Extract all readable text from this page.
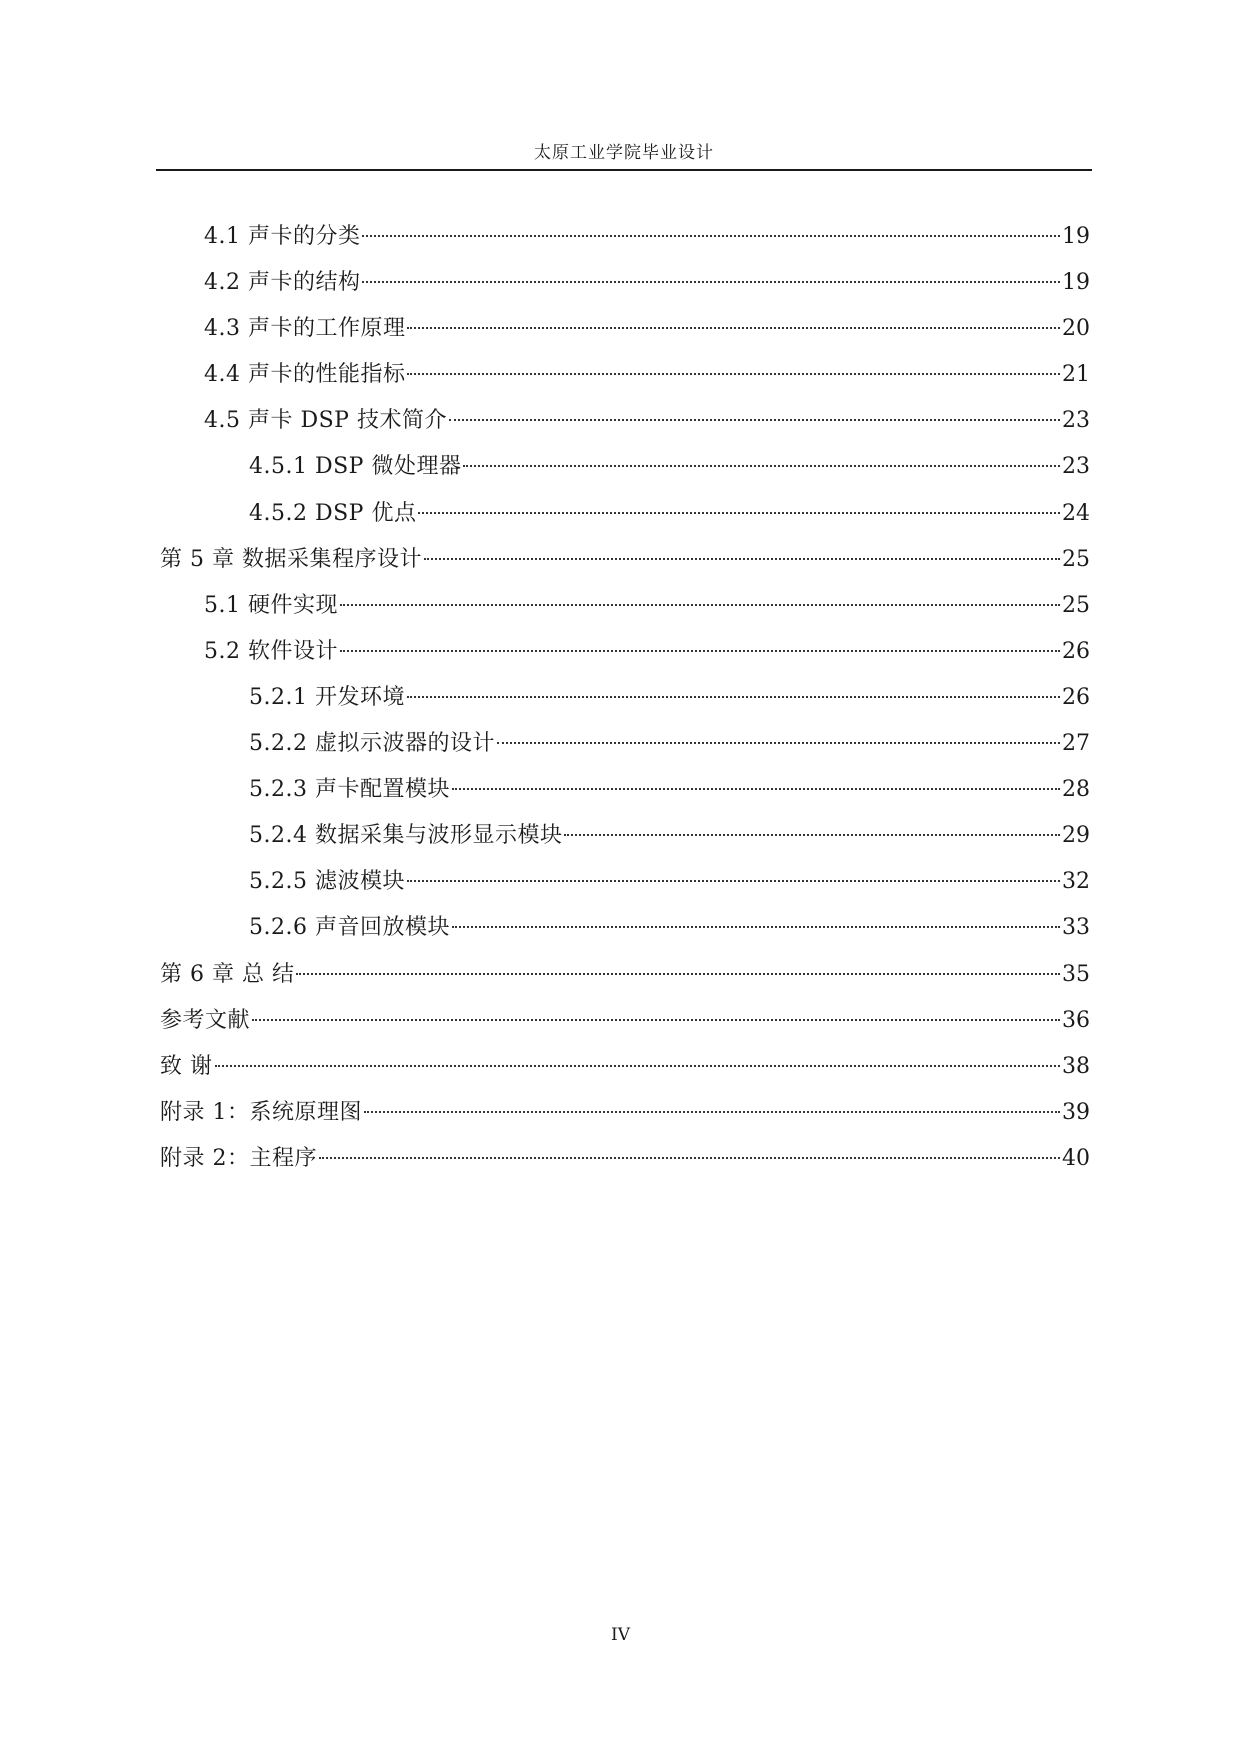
太原工业学院毕业设计
4.1 声卡的分类	19
4.2 声卡的结构	19
4.3 声卡的工作原理	20
4.4 声卡的性能指标	21
4.5 声卡 DSP 技术简介	23
4.5.1 DSP 微处理器	23
4.5.2 DSP 优点	24
第 5 章 数据采集程序设计	25
5.1 硬件实现	25
5.2 软件设计	26
5.2.1 开发环境	26
5.2.2 虚拟示波器的设计	27
5.2.3 声卡配置模块	28
5.2.4 数据采集与波形显示模块	29
5.2.5 滤波模块	32
5.2.6 声音回放模块	33
第 6 章 总 结	35
参考文献	36
致 谢	38
附录 1：系统原理图	39
附录 2：主程序	40
IV
